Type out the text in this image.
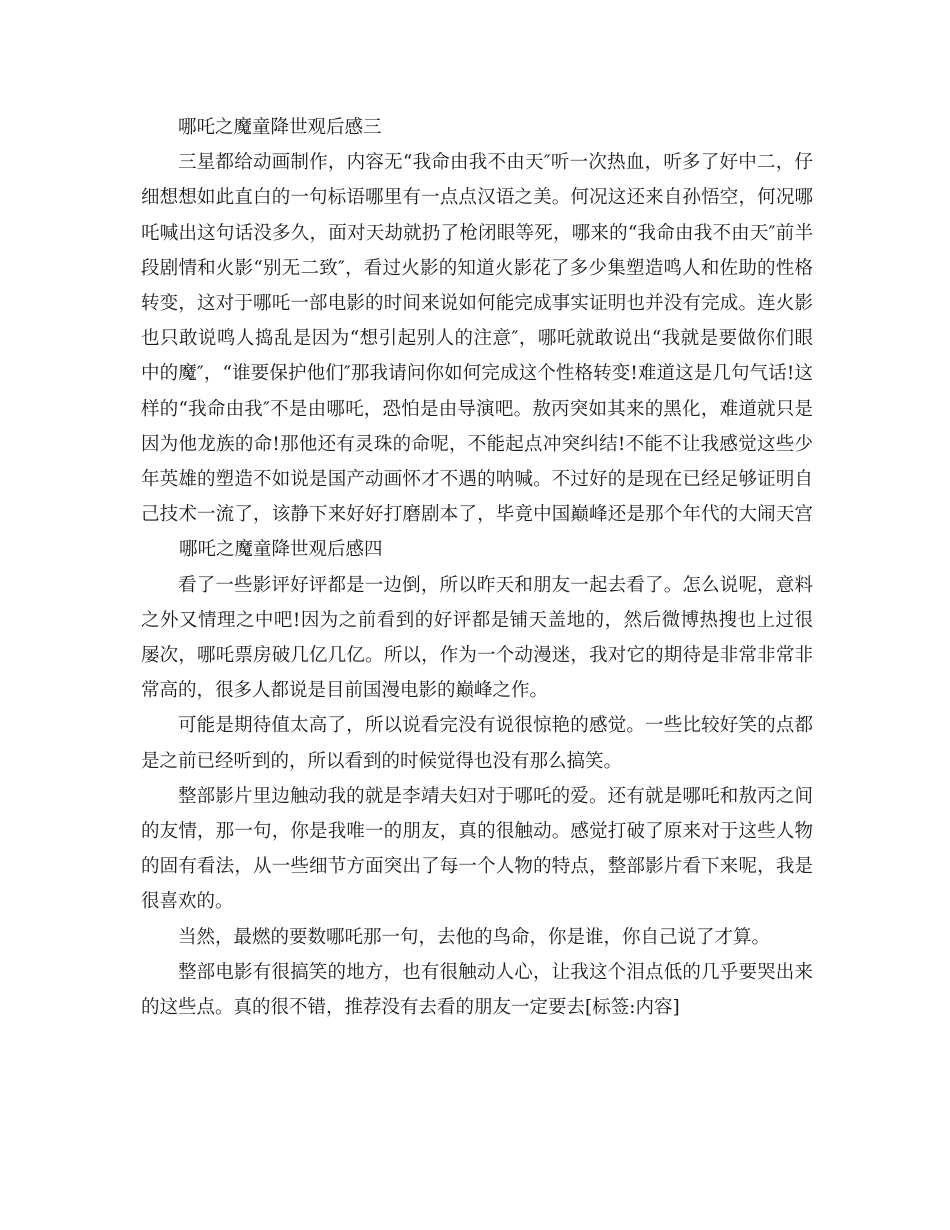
哪吒之魔童降世观后感三

三星都给动画制作，内容无“我命由我不由天″听一次热血，听多了好中二，仔细想想如此直白的一句标语哪里有一点点汉语之美。何况这还来自孙悟空，何况哪吒喊出这句话没多久，面对天劫就扔了枪闭眼等死，哪来的“我命由我不由天″前半段剧情和火影“别无二致″，看过火影的知道火影花了多少集塑造鸣人和佐助的性格转变，这对于哪吒一部电影的时间来说如何能完成事实证明也并没有完成。连火影也只敢说鸣人捣乱是因为“想引起别人的注意″，哪吒就敢说出“我就是要做你们眼中的魔″，“谁要保护他们″那我请问你如何完成这个性格转变!难道这是几句气话!这样的“我命由我″不是由哪吒，恐怕是由导演吧。敖丙突如其来的黑化，难道就只是因为他龙族的命!那他还有灵珠的命呢，不能起点冲突纠结!不能不让我感觉这些少年英雄的塑造不如说是国产动画怀才不遇的呐喊。不过好的是现在已经足够证明自己技术一流了，该静下来好好打磨剧本了，毕竟中国巅峰还是那个年代的大闹天宫哪吒之魔童降世观后感四

看了一些影评好评都是一边倒，所以昨天和朋友一起去看了。怎么说呢，意料之外又情理之中吧!因为之前看到的好评都是铺天盖地的，然后微博热搜也上过很屡次，哪吒票房破几亿几亿。所以，作为一个动漫迷，我对它的期待是非常非常非常高的，很多人都说是目前国漫电影的巅峰之作。

可能是期待值太高了，所以说看完没有说很惊艳的感觉。一些比较好笑的点都是之前已经听到的，所以看到的时候觉得也没有那么搞笑。

整部影片里边触动我的就是李靖夫妇对于哪吒的爱。还有就是哪吒和敖丙之间的友情，那一句，你是我唯一的朋友，真的很触动。感觉打破了原来对于这些人物的固有看法，从一些细节方面突出了每一个人物的特点，整部影片看下来呢，我是很喜欢的。

当然，最燃的要数哪吒那一句，去他的鸟命，你是谁，你自己说了才算。

整部电影有很搞笑的地方，也有很触动人心，让我这个泪点低的几乎要哭出来的这些点。真的很不错，推荐没有去看的朋友一定要去[标签:内容]
